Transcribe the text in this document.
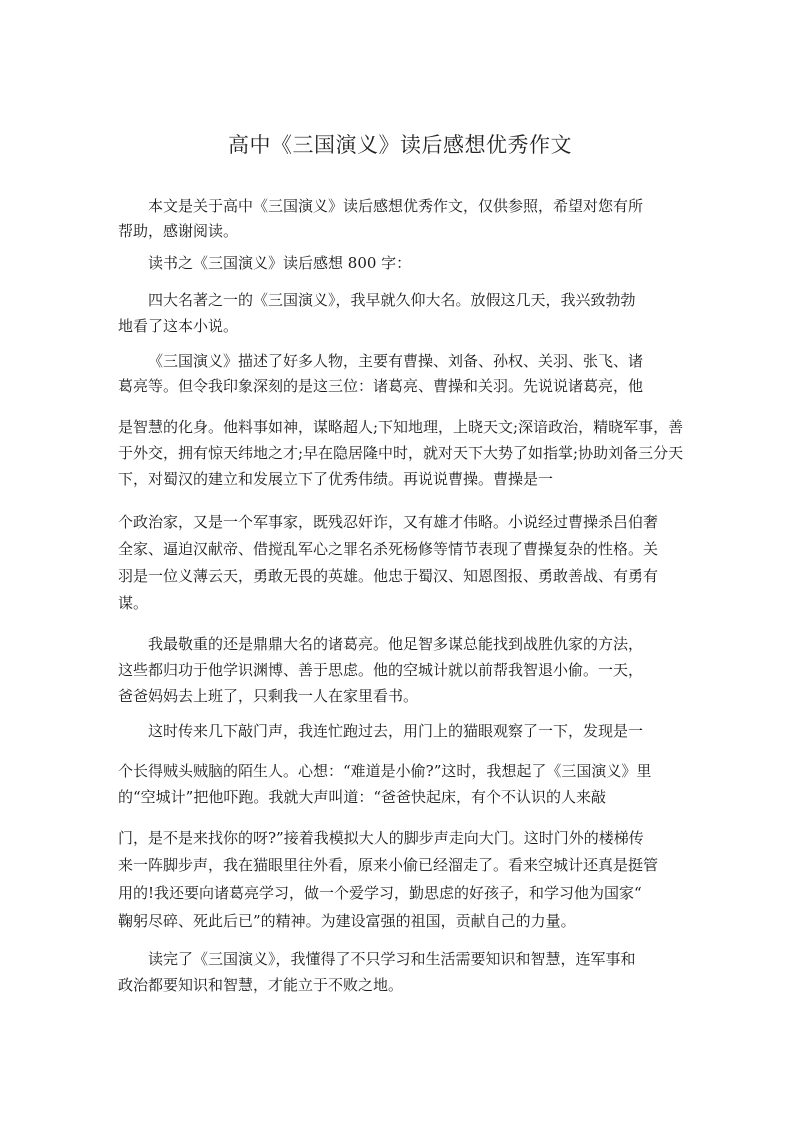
高中《三国演义》读后感想优秀作文
本文是关于高中《三国演义》读后感想优秀作文，仅供参照，希望对您有所
帮助，感谢阅读。
读书之《三国演义》读后感想 800 字：
四大名著之一的《三国演义》，我早就久仰大名。放假这几天，我兴致勃勃
地看了这本小说。
《三国演义》描述了好多人物，主要有曹操、刘备、孙权、关羽、张飞、诸
葛亮等。但令我印象深刻的是这三位：诸葛亮、曹操和关羽。先说说诸葛亮，他
是智慧的化身。他料事如神，谋略超人;下知地理，上晓天文;深谙政治，精晓军事，善
于外交，拥有惊天纬地之才;早在隐居隆中时，就对天下大势了如指掌;协助刘备三分天
下，对蜀汉的建立和发展立下了优秀伟绩。再说说曹操。曹操是一
个政治家，又是一个军事家，既残忍奸诈，又有雄才伟略。小说经过曹操杀吕伯奢
全家、逼迫汉献帝、借搅乱军心之罪名杀死杨修等情节表现了曹操复杂的性格。关
羽是一位义薄云天，勇敢无畏的英雄。他忠于蜀汉、知恩图报、勇敢善战、有勇有
谋。
我最敬重的还是鼎鼎大名的诸葛亮。他足智多谋总能找到战胜仇家的方法，
这些都归功于他学识渊博、善于思虑。他的空城计就以前帮我智退小偷。一天，
爸爸妈妈去上班了，只剩我一人在家里看书。
这时传来几下敲门声，我连忙跑过去，用门上的猫眼观察了一下，发现是一
个长得贼头贼脑的陌生人。心想：“难道是小偷?”这时，我想起了《三国演义》里
的“空城计”把他吓跑。我就大声叫道：“爸爸快起床，有个不认识的人来敲
门，是不是来找你的呀?”接着我模拟大人的脚步声走向大门。这时门外的楼梯传
来一阵脚步声，我在猫眼里往外看，原来小偷已经溜走了。看来空城计还真是挺管
用的!我还要向诸葛亮学习，做一个爱学习，勤思虑的好孩子，和学习他为国家“
鞠躬尽碎、死此后已”的精神。为建设富强的祖国，贡献自己的力量。
读完了《三国演义》，我懂得了不只学习和生活需要知识和智慧，连军事和
政治都要知识和智慧，才能立于不败之地。
